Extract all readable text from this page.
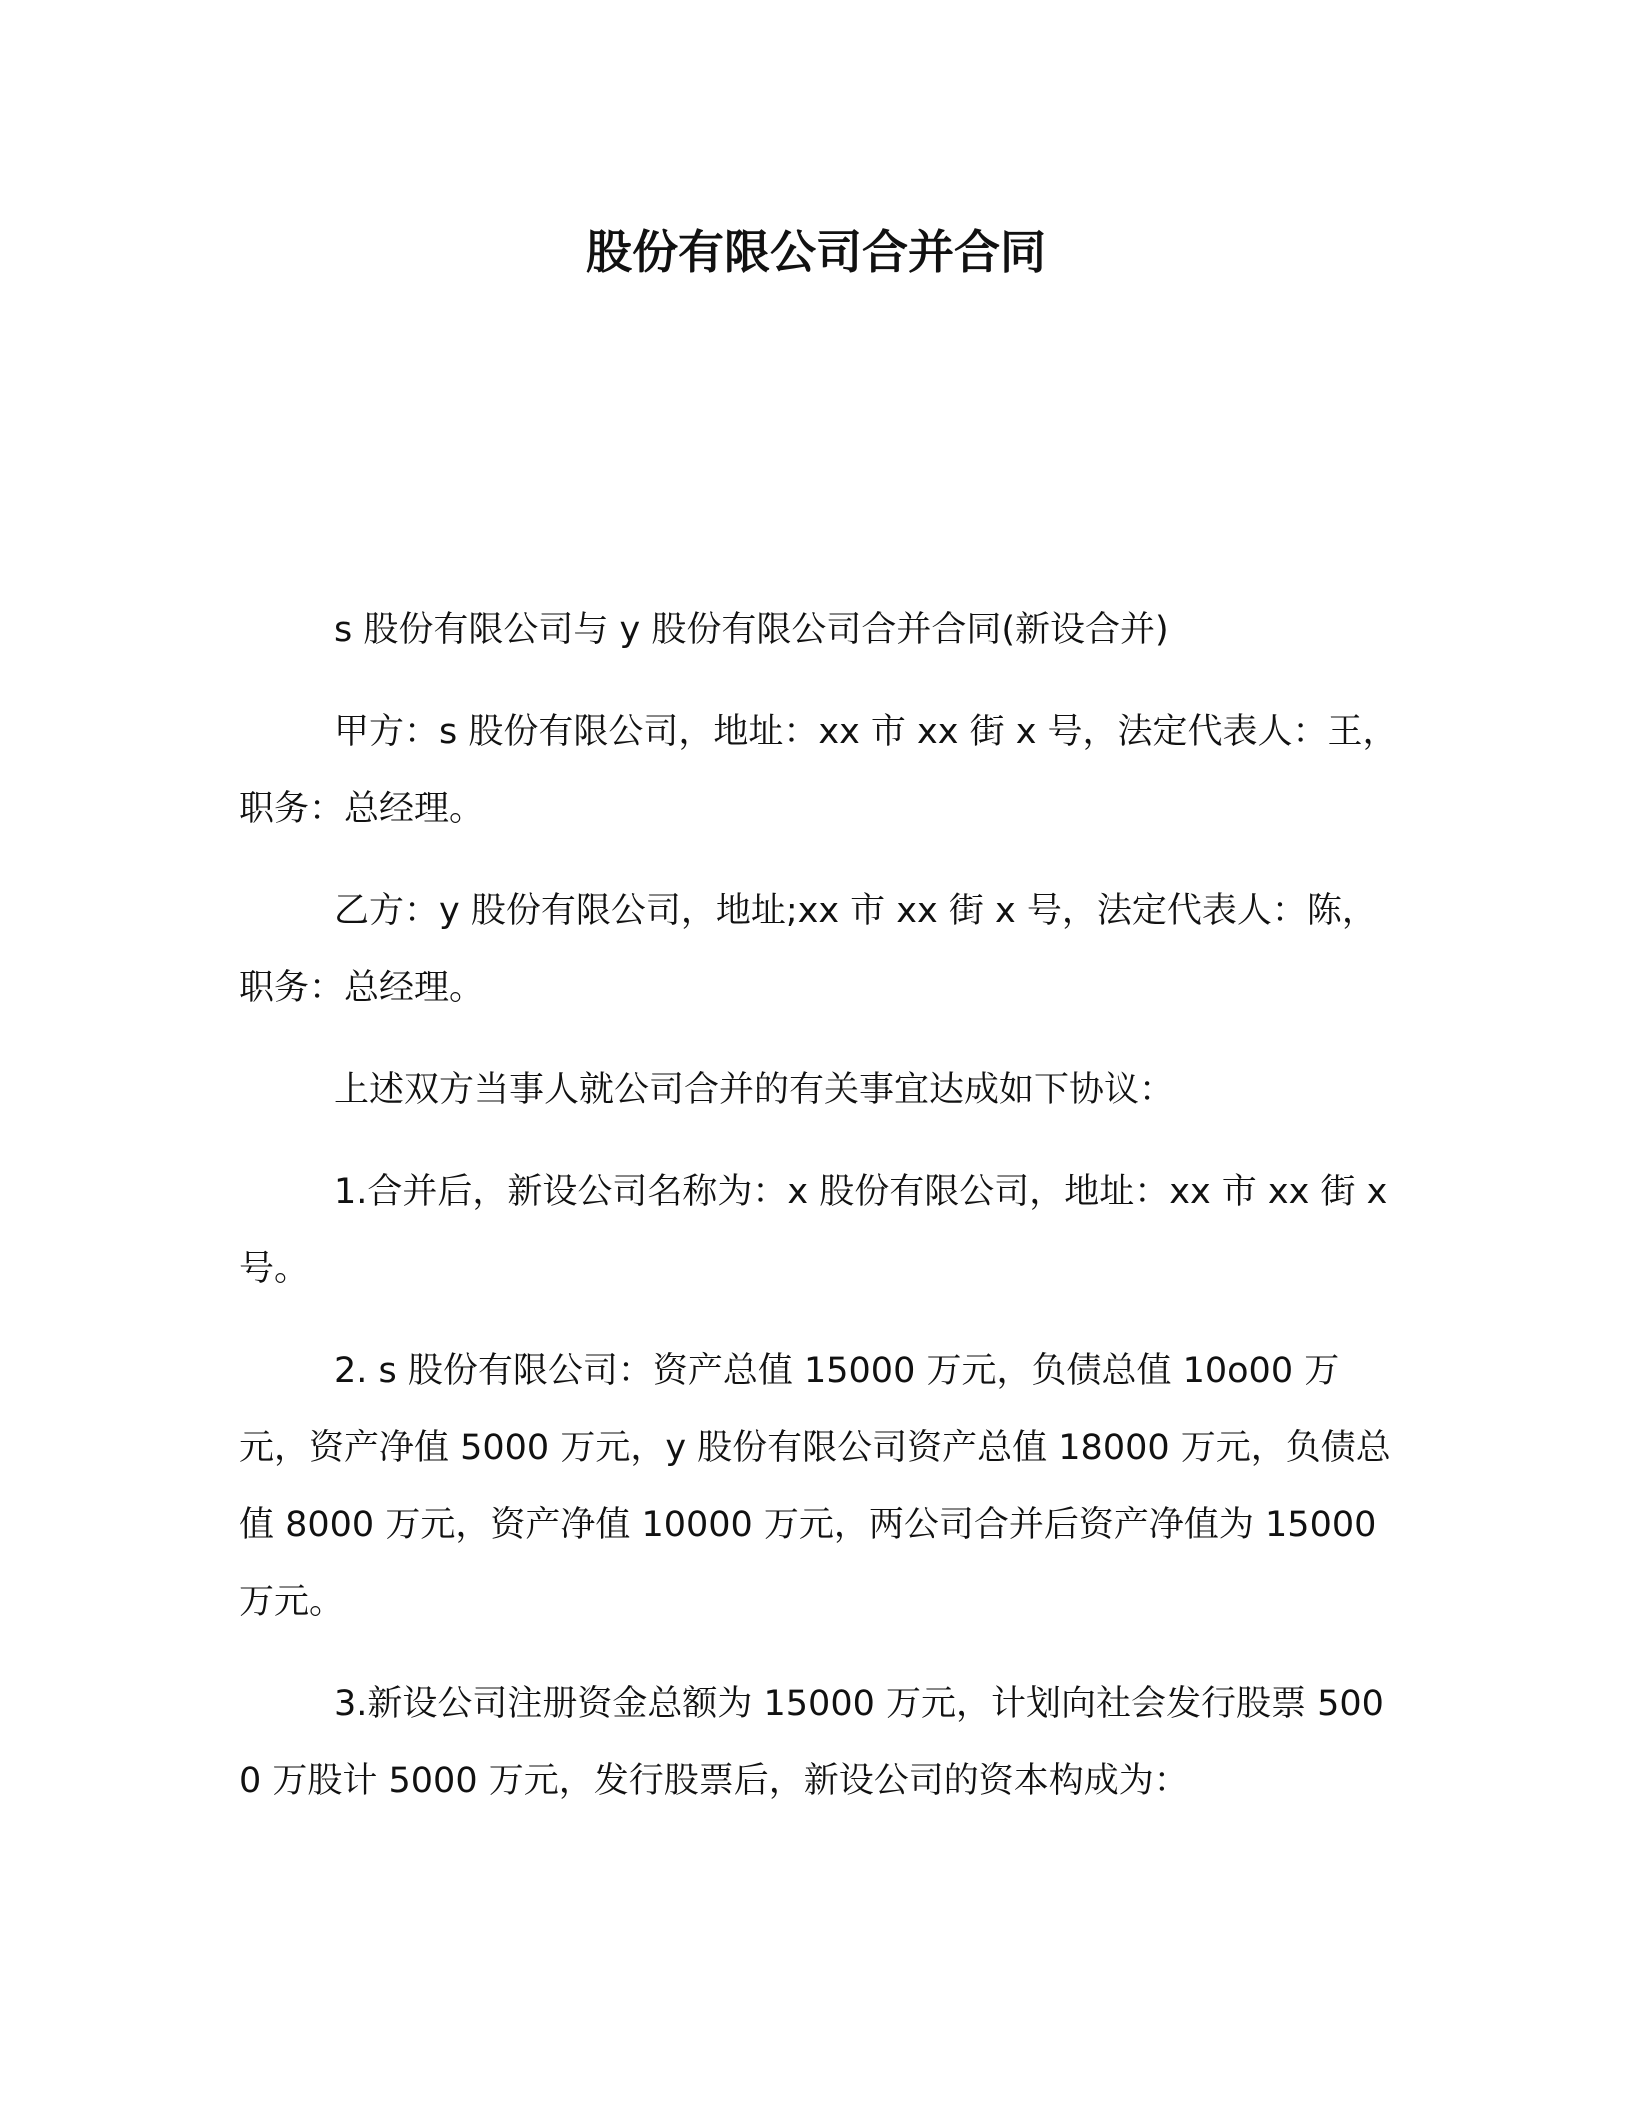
股份有限公司合并合同

s 股份有限公司与 y 股份有限公司合并合同(新设合并)

甲方：s 股份有限公司，地址：xx 市 xx 街 x 号，法定代表人：王，职务：总经理。

乙方：y 股份有限公司，地址;xx 市 xx 街 x 号，法定代表人：陈，职务：总经理。

上述双方当事人就公司合并的有关事宜达成如下协议：

1.合并后，新设公司名称为：x 股份有限公司，地址：xx 市 xx 街 x 号。

2. s 股份有限公司：资产总值 15000 万元，负债总值 10o00 万元，资产净值 5000 万元，y 股份有限公司资产总值 18000 万元，负债总值 8000 万元，资产净值 10000 万元，两公司合并后资产净值为 15000 万元。

3.新设公司注册资金总额为 15000 万元，计划向社会发行股票 5000 万股计 5000 万元，发行股票后，新设公司的资本构成为：
